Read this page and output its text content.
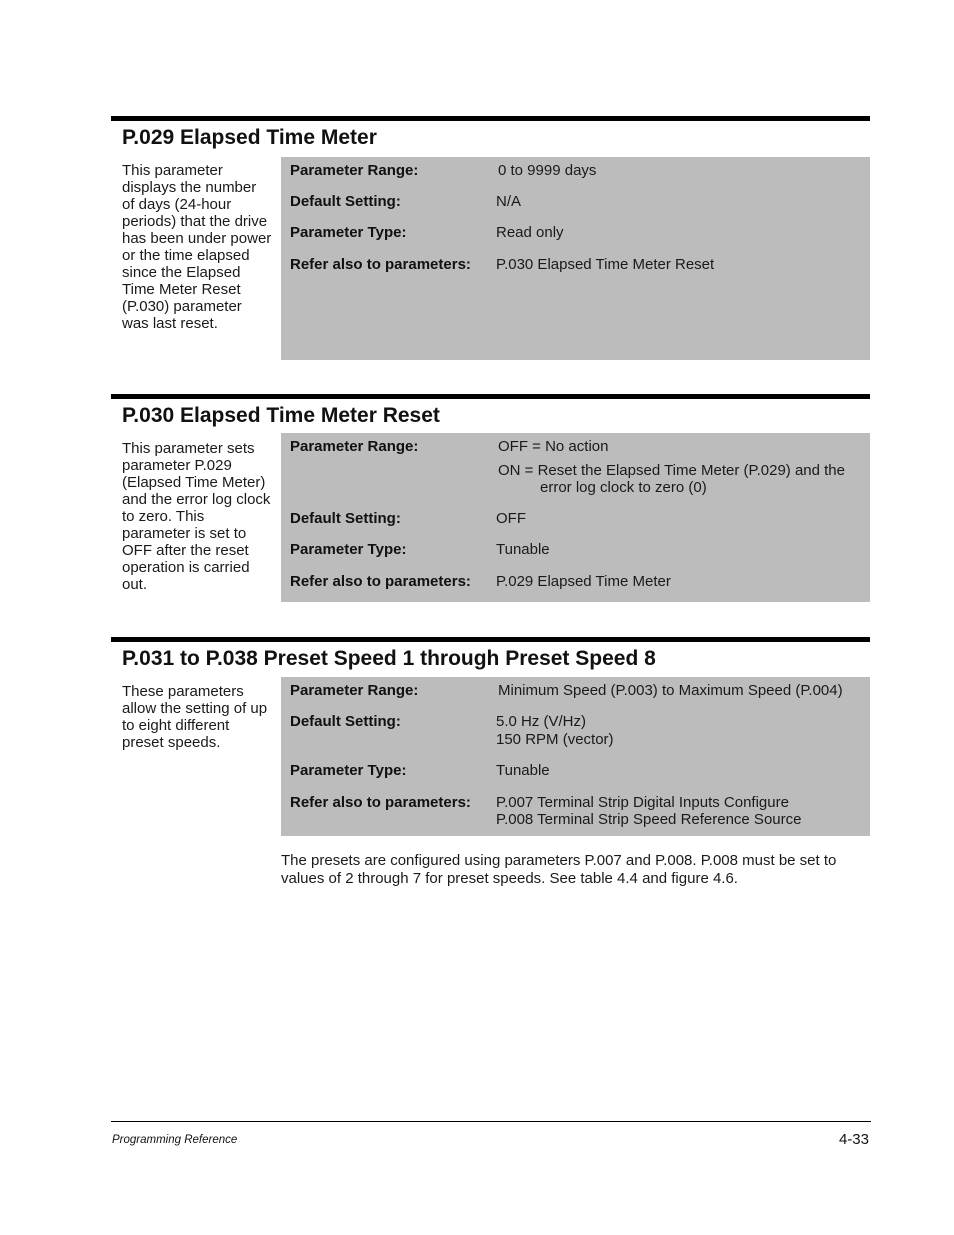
P.029 Elapsed Time Meter
This parameter displays the number of days (24-hour periods) that the drive has been under power or the time elapsed since the Elapsed Time Meter Reset (P.030) parameter was last reset.
Parameter Range:	0 to 9999 days
Default Setting:	N/A
Parameter Type:	Read only
Refer also to parameters:	P.030 Elapsed Time Meter Reset
P.030 Elapsed Time Meter Reset
This parameter sets parameter P.029 (Elapsed Time Meter) and the error log clock to zero. This parameter is set to OFF after the reset operation is carried out.
Parameter Range:	OFF = No action
ON = Reset the Elapsed Time Meter (P.029) and the
error log clock to zero (0)
Default Setting:	OFF
Parameter Type:	Tunable
Refer also to parameters:	P.029 Elapsed Time Meter
P.031 to P.038 Preset Speed 1 through Preset Speed 8
These parameters allow the setting of up to eight different preset speeds.
Parameter Range:	Minimum Speed (P.003) to Maximum Speed (P.004)
Default Setting:	5.0 Hz (V/Hz)
150 RPM (vector)
Parameter Type:	Tunable
Refer also to parameters:	P.007 Terminal Strip Digital Inputs Configure
P.008 Terminal Strip Speed Reference Source
The presets are configured using parameters P.007 and P.008. P.008 must be set to values of 2 through 7 for preset speeds. See table 4.4 and figure 4.6.
Programming Reference	4-33
